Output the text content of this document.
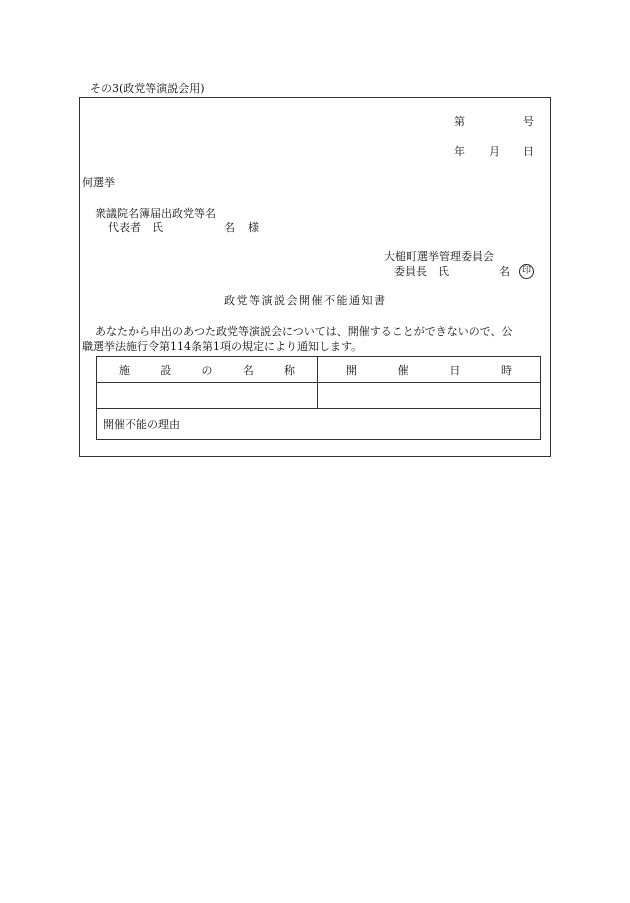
その3(政党等演説会用)
第	号
年 月 日
何選挙
衆議院名簿届出政党等名
代表者　氏	名 様
大槌町選挙管理委員会
委員長　氏	名	印
政党等演説会開催不能通知書
あなたから申出のあつた政党等演説会については、開催することができないので、公
職選挙法施行令第114条第1項の規定により通知します。
施 設 の 名 称	開 催 日 時

開催不能の理由	
